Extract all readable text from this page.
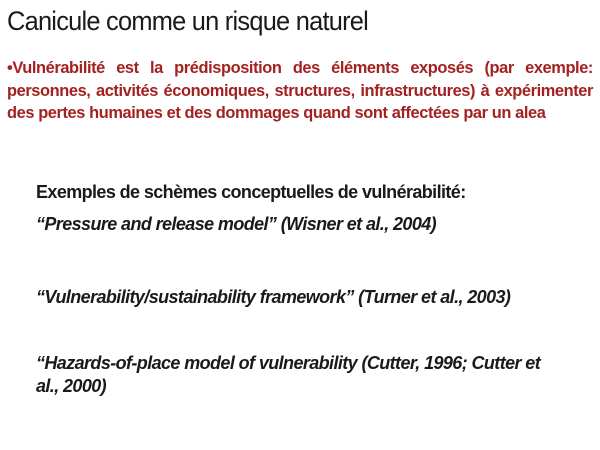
Canicule comme un risque naturel
•Vulnérabilité est la prédisposition des éléments exposés (par exemple: personnes, activités économiques, structures, infrastructures) à expérimenter des pertes humaines et des dommages quand sont affectées par un alea
Exemples de schèmes conceptuelles de vulnérabilité:
“Pressure and release model” (Wisner et al., 2004)
“Vulnerability/sustainability framework” (Turner et al., 2003)
“Hazards-of-place model of vulnerability (Cutter, 1996; Cutter et al., 2000)
